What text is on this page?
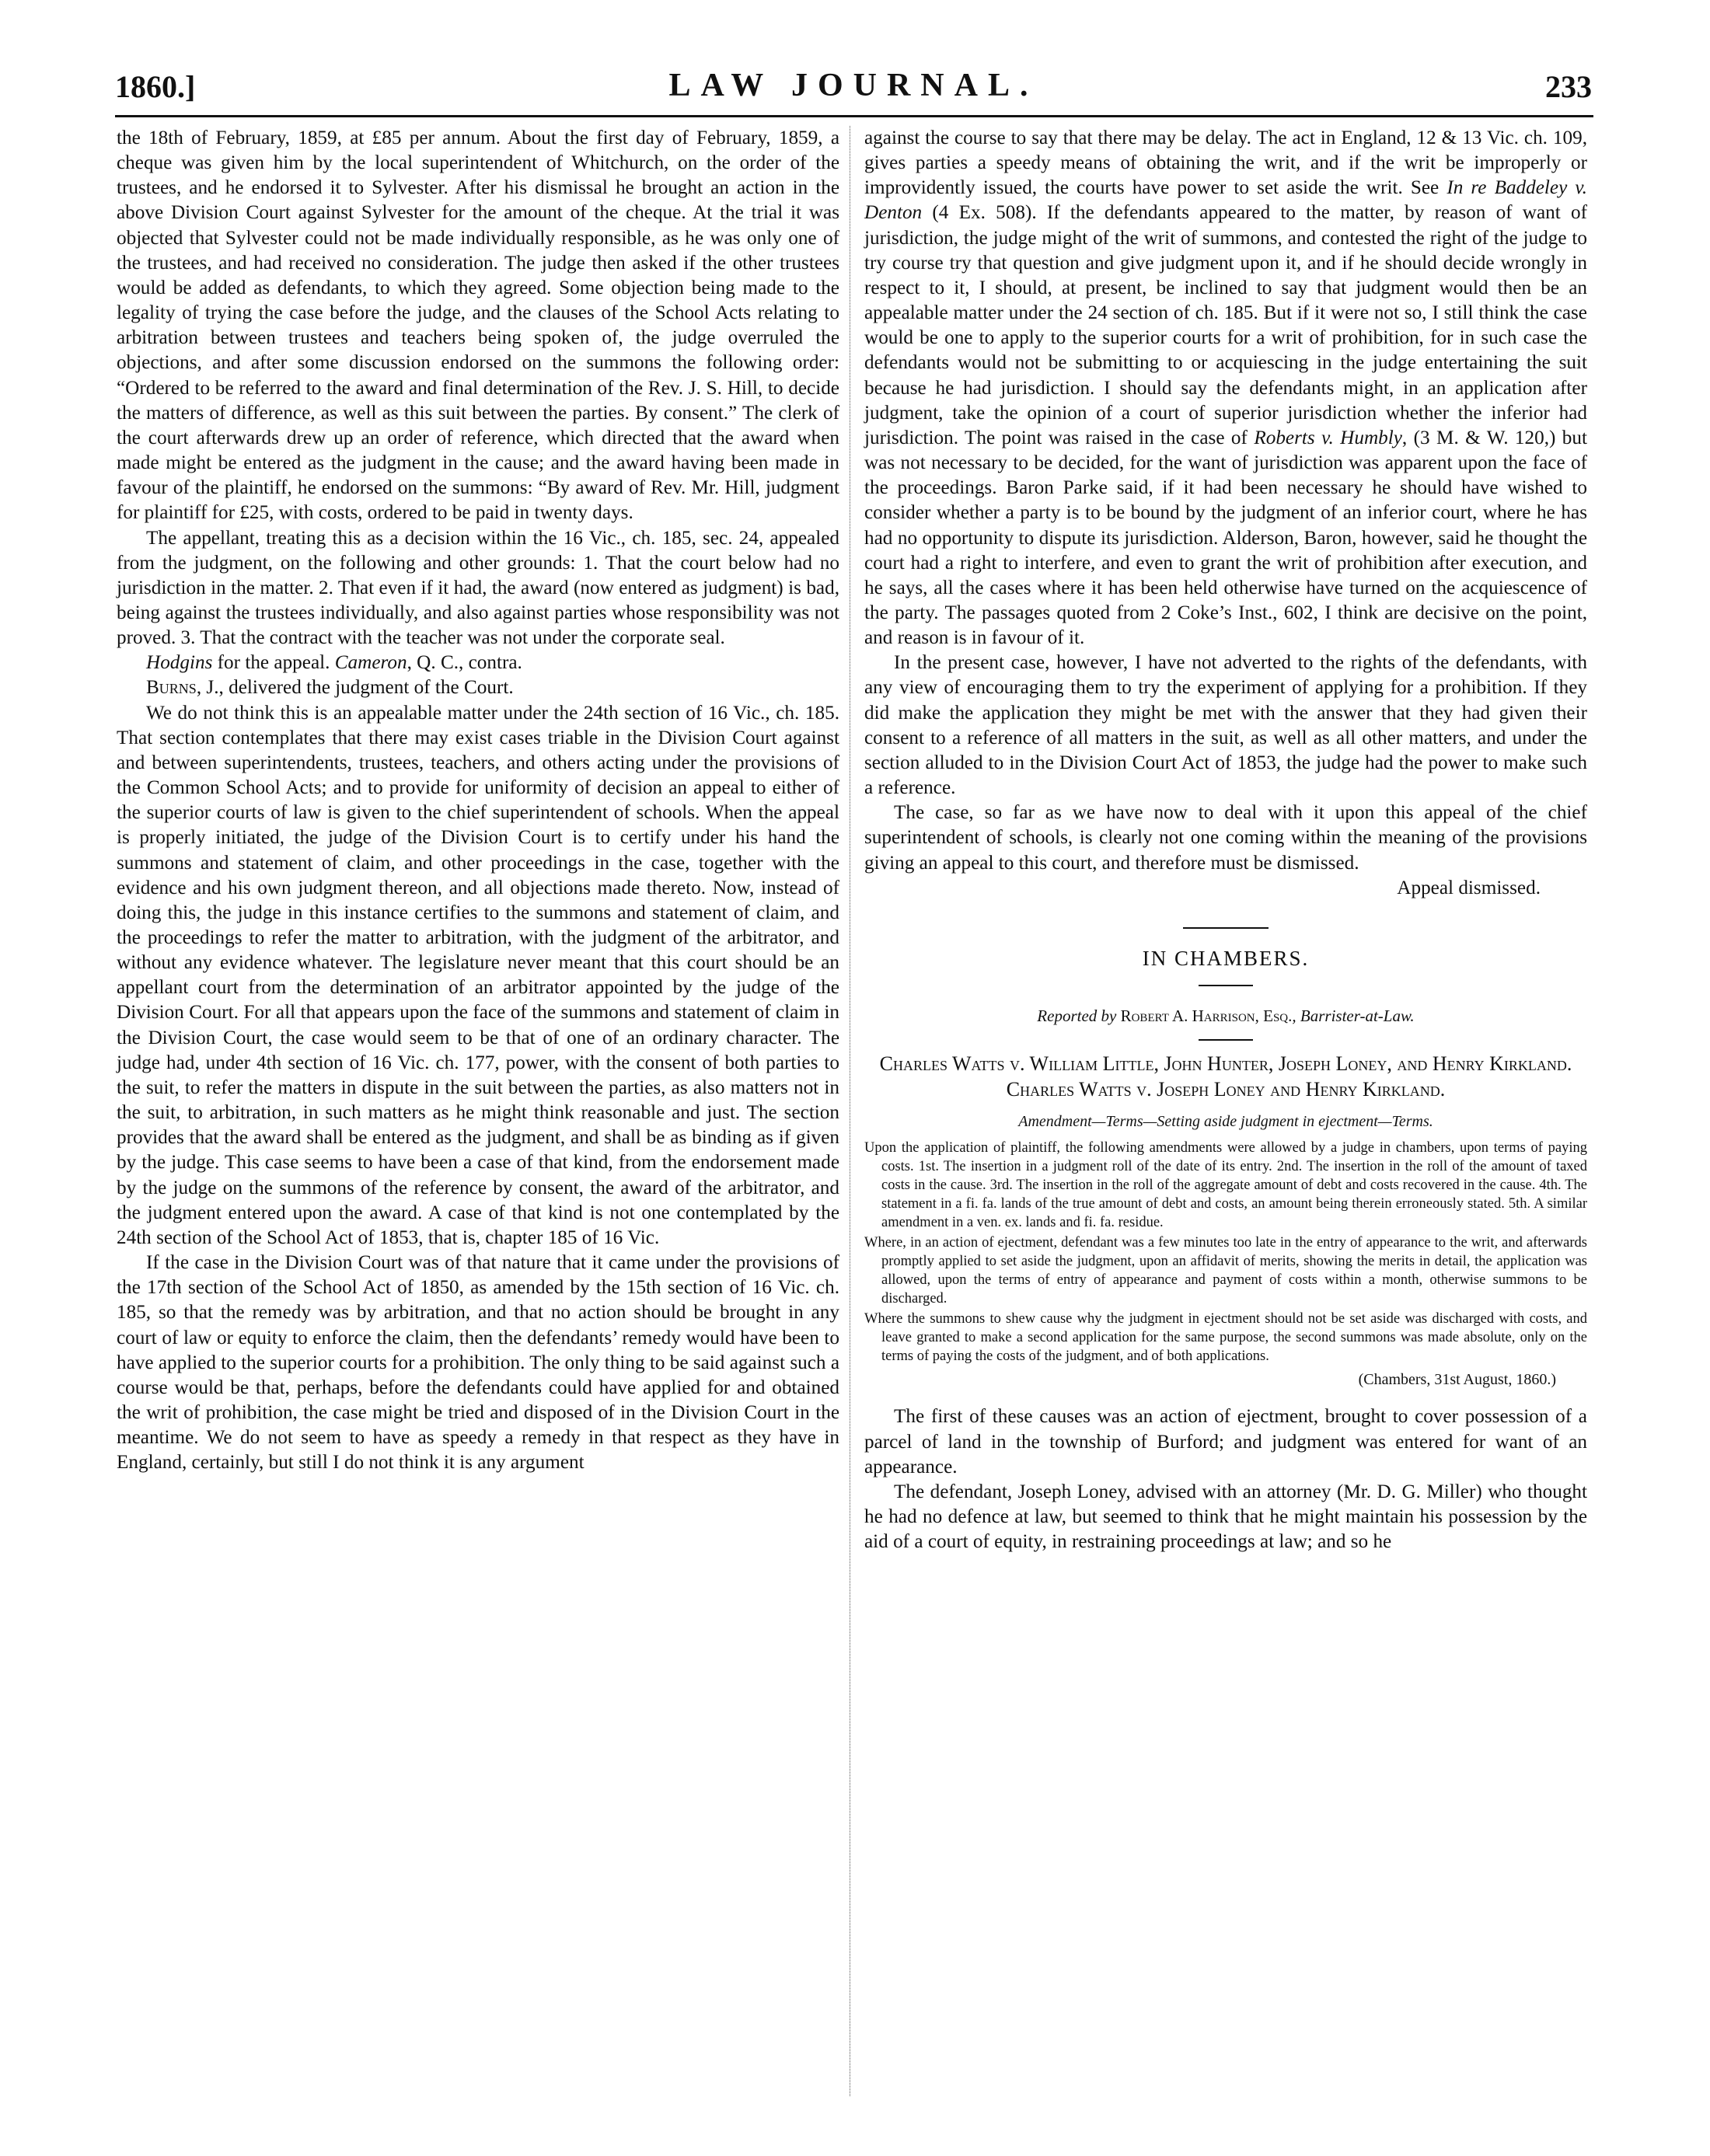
1860.]	LAW JOURNAL.	233

the 18th of February, 1859, at £85 per annum. About the first day of February, 1859, a cheque was given him by the local superintendent of Whitchurch, on the order of the trustees, and he endorsed it to Sylvester. After his dismissal he brought an action in the above Division Court against Sylvester for the amount of the cheque. At the trial it was objected that Sylvester could not be made individually responsible, as he was only one of the trustees, and had received no consideration. The judge then asked if the other trustees would be added as defendants, to which they agreed. Some objection being made to the legality of trying the case before the judge, and the clauses of the School Acts relating to arbitration between trustees and teachers being spoken of, the judge overruled the objections, and after some discussion endorsed on the summons the following order: “Ordered to be referred to the award and final determination of the Rev. J. S. Hill, to decide the matters of difference, as well as this suit between the parties. By consent.” The clerk of the court afterwards drew up an order of reference, which directed that the award when made might be entered as the judgment in the cause; and the award having been made in favour of the plaintiff, he endorsed on the summons: “By award of Rev. Mr. Hill, judgment for plaintiff for £25, with costs, ordered to be paid in twenty days.

The appellant, treating this as a decision within the 16 Vic., ch. 185, sec. 24, appealed from the judgment, on the following and other grounds: 1. That the court below had no jurisdiction in the matter. 2. That even if it had, the award (now entered as judgment) is bad, being against the trustees individually, and also against parties whose responsibility was not proved. 3. That the contract with the teacher was not under the corporate seal.

Hodgins for the appeal. Cameron, Q. C., contra.

Burns, J., delivered the judgment of the Court.

We do not think this is an appealable matter under the 24th section of 16 Vic., ch. 185. That section contemplates that there may exist cases triable in the Division Court against and between superintendents, trustees, teachers, and others acting under the provisions of the Common School Acts; and to provide for uniformity of decision an appeal to either of the superior courts of law is given to the chief superintendent of schools. When the appeal is properly initiated, the judge of the Division Court is to certify under his hand the summons and statement of claim, and other proceedings in the case, together with the evidence and his own judgment thereon, and all objections made thereto. Now, instead of doing this, the judge in this instance certifies to the summons and statement of claim, and the proceedings to refer the matter to arbitration, with the judgment of the arbitrator, and without any evidence whatever. The legislature never meant that this court should be an appellant court from the determination of an arbitrator appointed by the judge of the Division Court. For all that appears upon the face of the summons and statement of claim in the Division Court, the case would seem to be that of one of an ordinary character. The judge had, under 4th section of 16 Vic. ch. 177, power, with the consent of both parties to the suit, to refer the matters in dispute in the suit between the parties, as also matters not in the suit, to arbitration, in such matters as he might think reasonable and just. The section provides that the award shall be entered as the judgment, and shall be as binding as if given by the judge. This case seems to have been a case of that kind, from the endorsement made by the judge on the summons of the reference by consent, the award of the arbitrator, and the judgment entered upon the award. A case of that kind is not one contemplated by the 24th section of the School Act of 1853, that is, chapter 185 of 16 Vic.

If the case in the Division Court was of that nature that it came under the provisions of the 17th section of the School Act of 1850, as amended by the 15th section of 16 Vic. ch. 185, so that the remedy was by arbitration, and that no action should be brought in any court of law or equity to enforce the claim, then the defendants’ remedy would have been to have applied to the superior courts for a prohibition. The only thing to be said against such a course would be that, perhaps, before the defendants could have applied for and obtained the writ of prohibition, the case might be tried and disposed of in the Division Court in the meantime. We do not seem to have as speedy a remedy in that respect as they have in England, certainly, but still I do not think it is any argument

against the course to say that there may be delay. The act in England, 12 & 13 Vic. ch. 109, gives parties a speedy means of obtaining the writ, and if the writ be improperly or improvidently issued, the courts have power to set aside the writ. See In re Baddeley v. Denton (4 Ex. 508). If the defendants appeared to the matter, by reason of want of jurisdiction, the judge might of the writ of summons, and contested the right of the judge to try course try that question and give judgment upon it, and if he should decide wrongly in respect to it, I should, at present, be inclined to say that judgment would then be an appealable matter under the 24 section of ch. 185. But if it were not so, I still think the case would be one to apply to the superior courts for a writ of prohibition, for in such case the defendants would not be submitting to or acquiescing in the judge entertaining the suit because he had jurisdiction. I should say the defendants might, in an application after judgment, take the opinion of a court of superior jurisdiction whether the inferior had jurisdiction. The point was raised in the case of Roberts v. Humbly, (3 M. & W. 120,) but was not necessary to be decided, for the want of jurisdiction was apparent upon the face of the proceedings. Baron Parke said, if it had been necessary he should have wished to consider whether a party is to be bound by the judgment of an inferior court, where he has had no opportunity to dispute its jurisdiction. Alderson, Baron, however, said he thought the court had a right to interfere, and even to grant the writ of prohibition after execution, and he says, all the cases where it has been held otherwise have turned on the acquiescence of the party. The passages quoted from 2 Coke’s Inst., 602, I think are decisive on the point, and reason is in favour of it.

In the present case, however, I have not adverted to the rights of the defendants, with any view of encouraging them to try the experiment of applying for a prohibition. If they did make the application they might be met with the answer that they had given their consent to a reference of all matters in the suit, as well as all other matters, and under the section alluded to in the Division Court Act of 1853, the judge had the power to make such a reference.

The case, so far as we have now to deal with it upon this appeal of the chief superintendent of schools, is clearly not one coming within the meaning of the provisions giving an appeal to this court, and therefore must be dismissed.

Appeal dismissed.

IN CHAMBERS.

Reported by Robert A. Harrison, Esq., Barrister-at-Law.

Charles Watts v. William Little, John Hunter, Joseph Loney, and Henry Kirkland.

Charles Watts v. Joseph Loney and Henry Kirkland.

Amendment—Terms—Setting aside judgment in ejectment—Terms.

Upon the application of plaintiff, the following amendments were allowed by a judge in chambers, upon terms of paying costs. 1st. The insertion in a judgment roll of the date of its entry. 2nd. The insertion in the roll of the amount of taxed costs in the cause. 3rd. The insertion in the roll of the aggregate amount of debt and costs recovered in the cause. 4th. The statement in a fi. fa. lands of the true amount of debt and costs, an amount being therein erroneously stated. 5th. A similar amendment in a ven. ex. lands and fi. fa. residue.

Where, in an action of ejectment, defendant was a few minutes too late in the entry of appearance to the writ, and afterwards promptly applied to set aside the judgment, upon an affidavit of merits, showing the merits in detail, the application was allowed, upon the terms of entry of appearance and payment of costs within a month, otherwise summons to be discharged.

Where the summons to shew cause why the judgment in ejectment should not be set aside was discharged with costs, and leave granted to make a second application for the same purpose, the second summons was made absolute, only on the terms of paying the costs of the judgment, and of both applications.

(Chambers, 31st August, 1860.)

The first of these causes was an action of ejectment, brought to cover possession of a parcel of land in the township of Burford; and judgment was entered for want of an appearance.

The defendant, Joseph Loney, advised with an attorney (Mr. D. G. Miller) who thought he had no defence at law, but seemed to think that he might maintain his possession by the aid of a court of equity, in restraining proceedings at law; and so he
